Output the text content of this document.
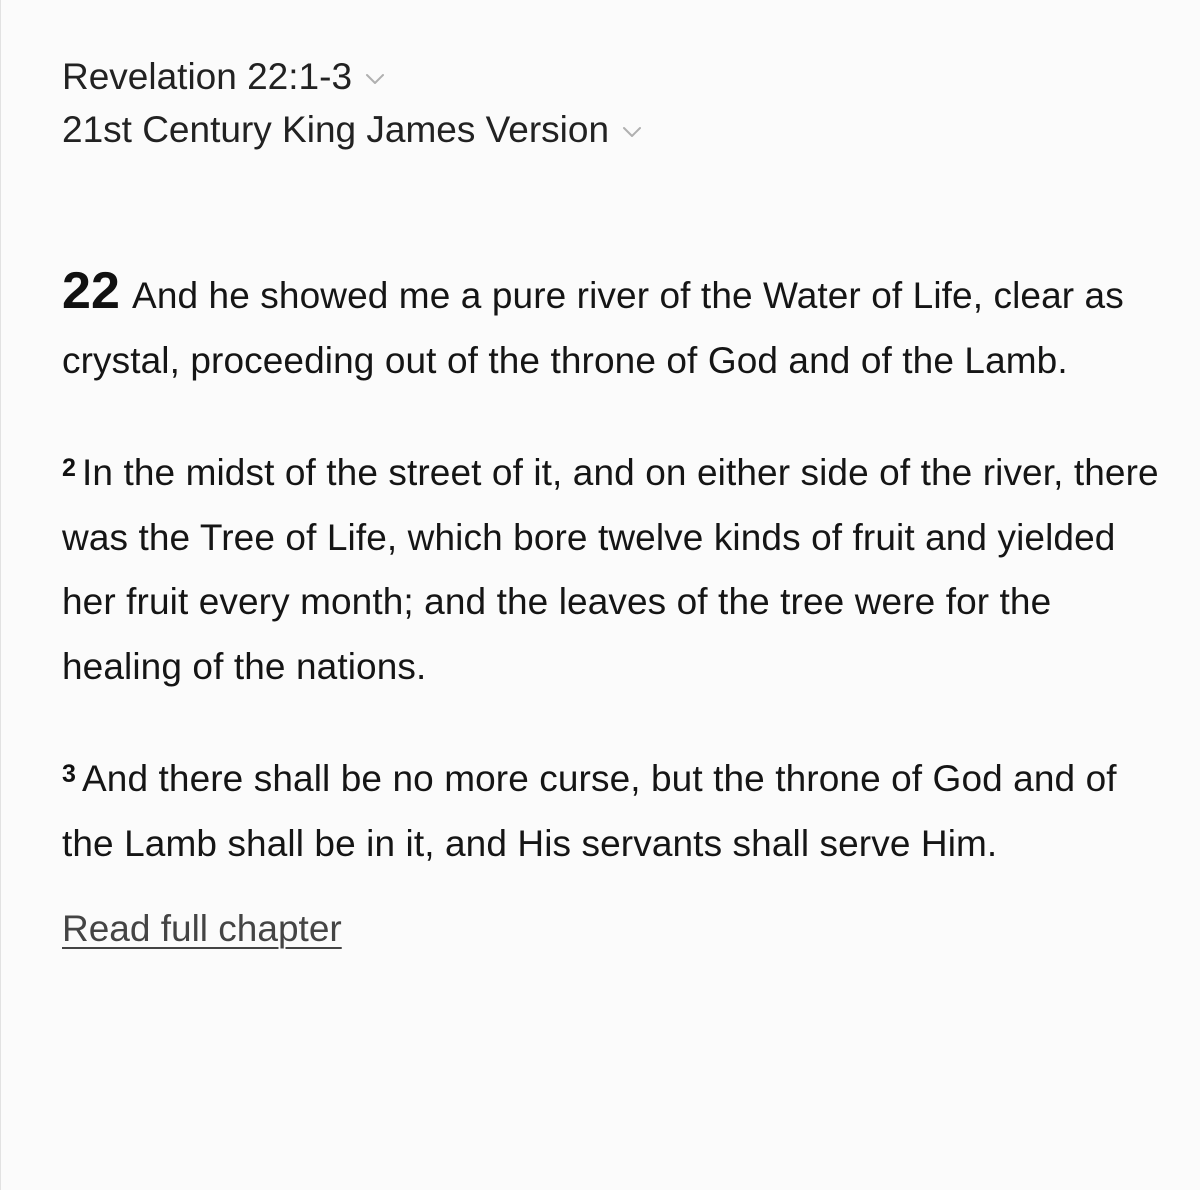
Revelation 22:1-3
21st Century King James Version

22 And he showed me a pure river of the Water of Life, clear as crystal, proceeding out of the throne of God and of the Lamb.

$^2$ In the midst of the street of it, and on either side of the river, there was the Tree of Life, which bore twelve kinds of fruit and yielded her fruit every month; and the leaves of the tree were for the healing of the nations.

$^3$ And there shall be no more curse, but the throne of God and of the Lamb shall be in it, and His servants shall serve Him.

Read full chapter
